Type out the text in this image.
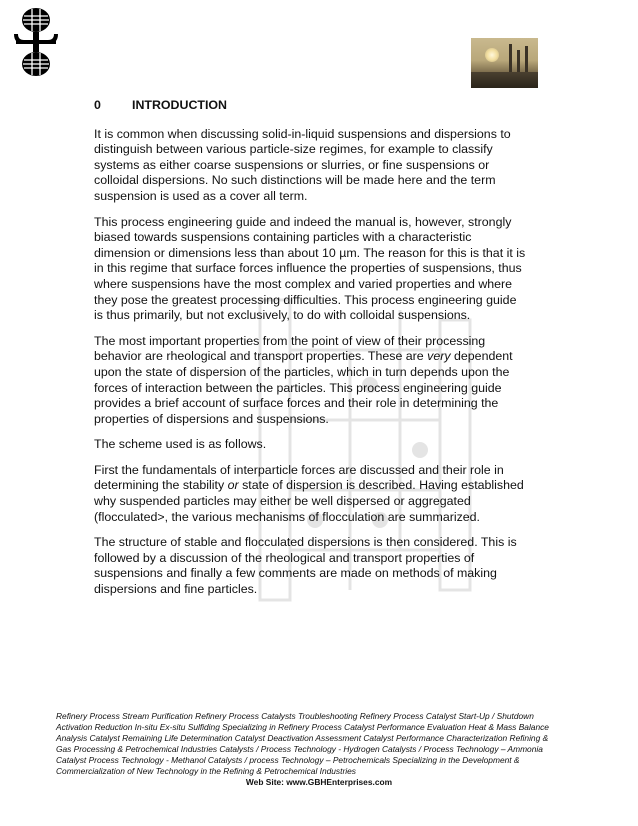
0	INTRODUCTION

It is common when discussing solid-in-liquid suspensions and dispersions to distinguish between various particle-size regimes, for example to classify systems as either coarse suspensions or slurries, or fine suspensions or colloidal dispersions. No such distinctions will be made here and the term suspension is used as a cover all term.

This process engineering guide and indeed the manual is, however, strongly biased towards suspensions containing particles with a characteristic dimension or dimensions less than about 10 µm. The reason for this is that it is in this regime that surface forces influence the properties of suspensions, thus where suspensions have the most complex and varied properties and where they pose the greatest processing difficulties. This process engineering guide is thus primarily, but not exclusively, to do with colloidal suspensions.

The most important properties from the point of view of their processing behavior are rheological and transport properties. These are very dependent upon the state of dispersion of the particles, which in turn depends upon the forces of interaction between the particles. This process engineering guide provides a brief account of surface forces and their role in determining the properties of dispersions and suspensions.

The scheme used is as follows.

First the fundamentals of interparticle forces are discussed and their role in determining the stability or state of dispersion is described. Having established why suspended particles may either be well dispersed or aggregated (flocculated>, the various mechanisms of flocculation are summarized.

The structure of stable and flocculated dispersions is then considered. This is followed by a discussion of the rheological and transport properties of suspensions and finally a few comments are made on methods of making dispersions and fine particles.

Refinery Process Stream Purification Refinery Process Catalysts Troubleshooting Refinery Process Catalyst Start-Up / Shutdown Activation Reduction In-situ Ex-situ Sulfiding Specializing in Refinery Process Catalyst Performance Evaluation Heat & Mass Balance Analysis Catalyst Remaining Life Determination Catalyst Deactivation Assessment Catalyst Performance Characterization Refining & Gas Processing & Petrochemical Industries Catalysts / Process Technology - Hydrogen Catalysts / Process Technology – Ammonia Catalyst Process Technology - Methanol Catalysts / process Technology – Petrochemicals Specializing in the Development & Commercialization of New Technology in the Refining & Petrochemical Industries
Web Site: www.GBHEnterprises.com
